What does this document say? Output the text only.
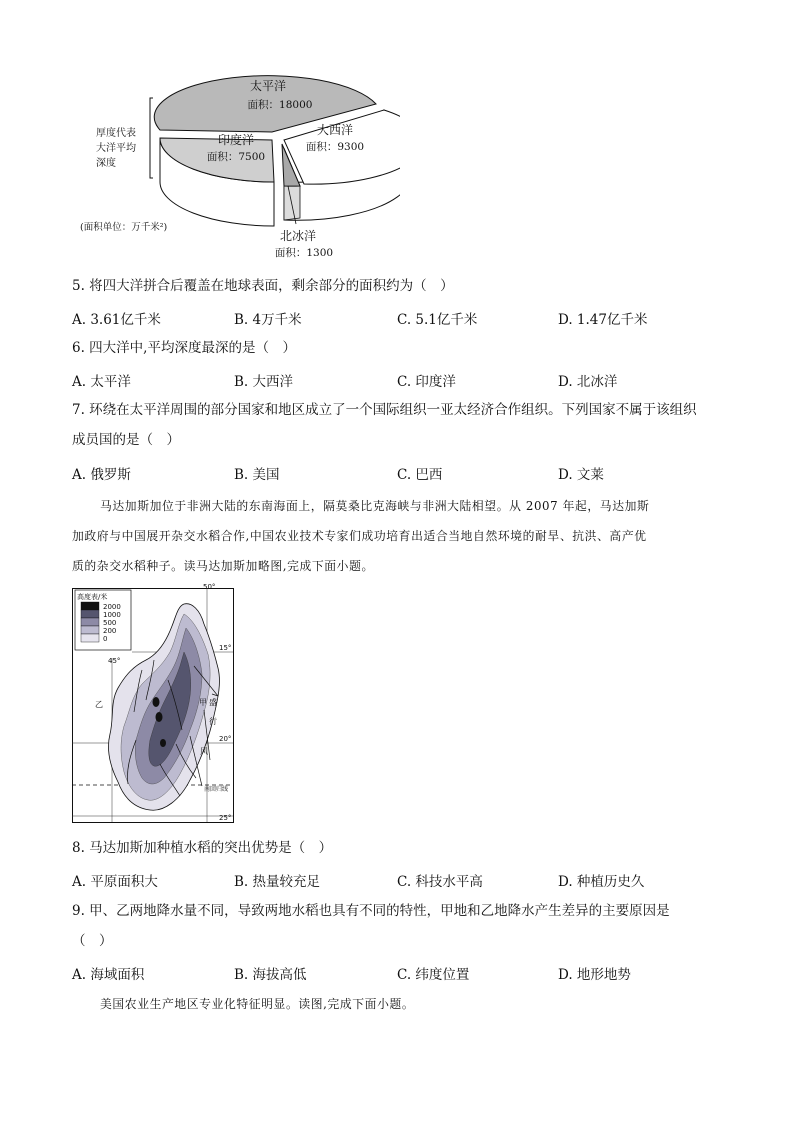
太平洋
面积：18000
印度洋
面积：7500
大西洋
面积：9300
北冰洋
面积：1300
厚度代表
大洋平均
深度
(面积单位：万千米²)
5. 将四大洋拼合后覆盖在地球表面，剩余部分的面积约为（　）
A. 3.61亿千米	B. 4万千米	C. 5.1亿千米	D. 1.47亿千米
6. 四大洋中,平均深度最深的是（　）
A. 太平洋	B. 大西洋	C. 印度洋	D. 北冰洋
7. 环绕在太平洋周围的部分国家和地区成立了一个国际组织一亚太经济合作组织。下列国家不属于该组织
成员国的是（　）
A. 俄罗斯	B. 美国	C. 巴西	D. 文莱
马达加斯加位于非洲大陆的东南海面上，隔莫桑比克海峡与非洲大陆相望。从 2007 年起，马达加斯
加政府与中国展开杂交水稻合作,中国农业技术专家们成功培育出适合当地自然环境的耐旱、抗洪、高产优
质的杂交水稻种子。读马达加斯加略图,完成下面小题。
高度表/米
2000
1000
500
200
0
50°
45°
15°
20°
25°
甲
乙	盛
行
风
南回归线
8. 马达加斯加种植水稻的突出优势是（　）
A. 平原面积大	B. 热量较充足	C. 科技水平高	D. 种植历史久
9. 甲、乙两地降水量不同，导致两地水稻也具有不同的特性，甲地和乙地降水产生差异的主要原因是
（　）
A. 海域面积	B. 海拔高低	C. 纬度位置	D. 地形地势
美国农业生产地区专业化特征明显。读图,完成下面小题。
